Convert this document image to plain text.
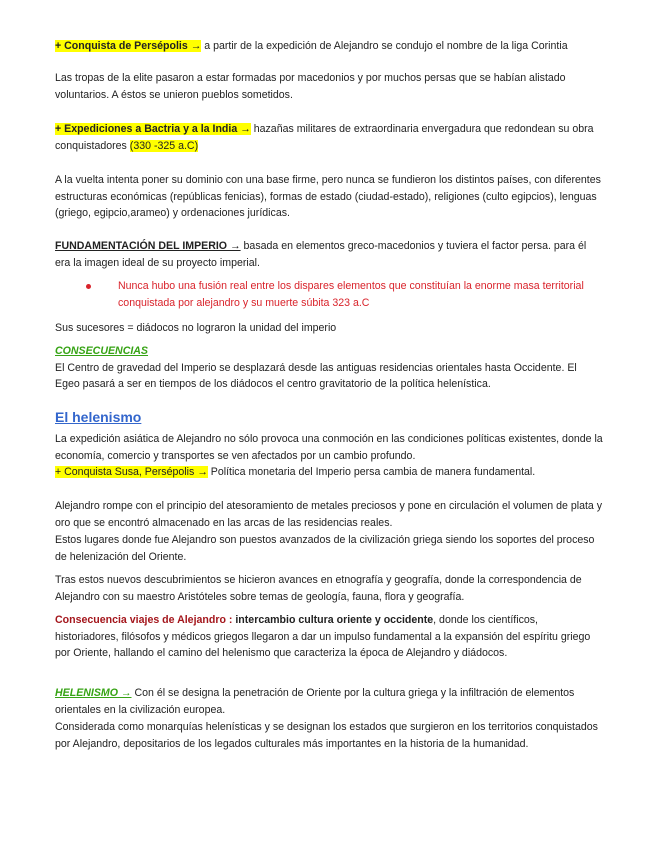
+ Conquista de Persépolis → a partir de la expedición de Alejandro se condujo el nombre de la liga Corintia

Las tropas de la elite pasaron a estar formadas por macedonios y por muchos persas que se habían alistado voluntarios. A éstos se unieron pueblos sometidos.

+ Expediciones a Bactria y a la India → hazañas militares de extraordinaria envergadura que redondean su obra conquistadores (330 -325 a.C)

A la vuelta intenta poner su dominio con una base firme, pero nunca se fundieron los distintos países, con diferentes estructuras económicas (repúblicas fenicias), formas de estado (ciudad-estado), religiones (culto egipcios), lenguas (griego, egipcio,arameo) y ordenaciones jurídicas.

FUNDAMENTACIÓN DEL IMPERIO → basada en elementos greco-macedonios y tuviera el factor persa. para él era la imagen ideal de su proyecto imperial.

Nunca hubo una fusión real entre los dispares elementos que constituían la enorme masa territorial conquistada por alejandro y su muerte súbita 323 a.C

Sus sucesores = diádocos no lograron la unidad del imperio

CONSECUENCIAS
El Centro de gravedad del Imperio se desplazará desde las antiguas residencias orientales hasta Occidente. El Egeo pasará a ser en tiempos de los diádocos el centro gravitatorio de la política helenística.

El helenismo

La expedición asiática de Alejandro no sólo provoca una conmoción en las condiciones políticas existentes, donde la economía, comercio y transportes se ven afectados por un cambio profundo.

+ Conquista Susa, Persépolis → Política monetaria del Imperio persa cambia de manera fundamental.

Alejandro rompe con el principio del atesoramiento de metales preciosos y pone en circulación el volumen de plata y oro que se encontró almacenado en las arcas de las residencias reales.

Estos lugares donde fue Alejandro son puestos avanzados de la civilización griega siendo los soportes del proceso de helenización del Oriente.

Tras estos nuevos descubrimientos se hicieron avances en etnografía y geografía, donde la correspondencia de Alejandro con su maestro Aristóteles sobre temas de geología, fauna, flora y geografía.

Consecuencia viajes de Alejandro : intercambio cultura oriente y occidente, donde los científicos, historiadores, filósofos y médicos griegos llegaron a dar un impulso fundamental a la expansión del espíritu griego por Oriente, hallando el camino del helenismo que caracteriza la época de Alejandro y diádocos.

HELENISMO → Con él se designa la penetración de Oriente por la cultura griega y la infiltración de elementos orientales en la civilización europea.

Considerada como monarquías helenísticas y se designan los estados que surgieron en los territorios conquistados por Alejandro, depositarios de los legados culturales más importantes en la historia de la humanidad.
